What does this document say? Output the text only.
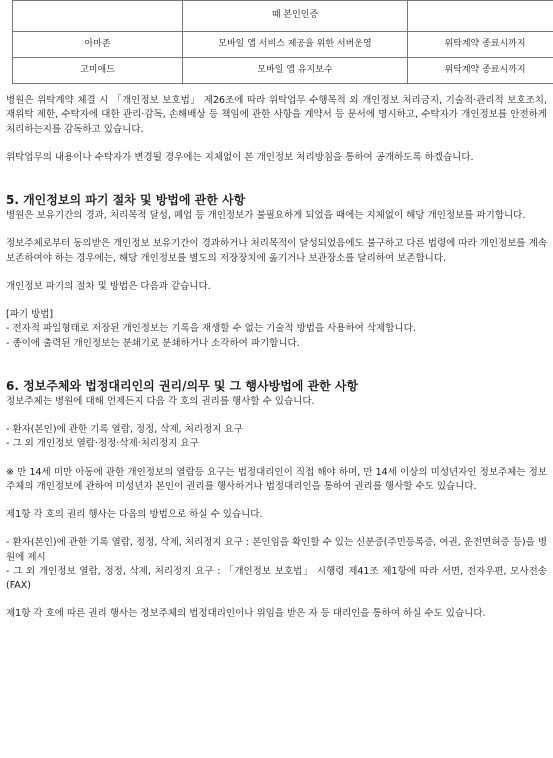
	때 본인인증	
아마존	모바일 앱 서비스 제공을 위한 서버운영	위탁계약 종료시까지
고미애드	모바일 앱 유지보수	위탁계약 종료시까지

병원은 위탁계약 체결 시 「개인정보 보호법」 제26조에 따라 위탁업무 수행목적 외 개인정보 처리금지, 기술적·관리적 보호조치, 재위탁 제한, 수탁자에 대한 관리·감독, 손해배상 등 책임에 관한 사항을 계약서 등 문서에 명시하고, 수탁자가 개인정보를 안전하게 처리하는지를 감독하고 있습니다.

위탁업무의 내용이나 수탁자가 변경될 경우에는 지체없이 본 개인정보 처리방침을 통하여 공개하도록 하겠습니다.

5. 개인정보의 파기 절차 및 방법에 관한 사항

병원은 보유기간의 경과, 처리목적 달성, 폐업 등 개인정보가 불필요하게 되었을 때에는 지체없이 해당 개인정보를 파기합니다.

정보주체로부터 동의받은 개인정보 보유기간이 경과하거나 처리목적이 달성되었음에도 불구하고 다른 법령에 따라 개인정보를 계속 보존하여야 하는 경우에는, 해당 개인정보를 별도의 저장장치에 옮기거나 보관장소를 달리하여 보존합니다.

개인정보 파기의 절차 및 방법은 다음과 같습니다.

[파기 방법]

- 전자적 파일형태로 저장된 개인정보는 기록을 재생할 수 없는 기술적 방법을 사용하여 삭제합니다.

- 종이에 출력된 개인정보는 분쇄기로 분쇄하거나 소각하여 파기합니다.

6. 정보주체와 법정대리인의 권리/의무 및 그 행사방법에 관한 사항

정보주체는 병원에 대해 언제든지 다음 각 호의 권리를 행사할 수 있습니다.

- 환자(본인)에 관한 기록 열람, 정정, 삭제, 처리정지 요구

- 그 외 개인정보 열람·정정·삭제·처리정지 요구

※ 만 14세 미만 아동에 관한 개인정보의 열람등 요구는 법정대리인이 직접 해야 하며, 만 14세 이상의 미성년자인 정보주체는 정보주체의 개인정보에 관하여 미성년자 본인이 권리를 행사하거나 법정대리인을 통하여 권리를 행사할 수도 있습니다.

제1항 각 호의 권리 행사는 다음의 방법으로 하실 수 있습니다.

- 환자(본인)에 관한 기록 열람, 정정, 삭제, 처리정지 요구 : 본인임을 확인할 수 있는 신분증(주민등록증, 여권, 운전면허증 등)을 병원에 제시

- 그 외 개인정보 열람, 정정, 삭제, 처리정지 요구 : 「개인정보 보호법」 시행령 제41조 제1항에 따라 서면, 전자우편, 모사전송(FAX)

제1항 각 호에 따른 권리 행사는 정보주체의 법정대리인이나 위임을 받은 자 등 대리인을 통하여 하실 수도 있습니다.
